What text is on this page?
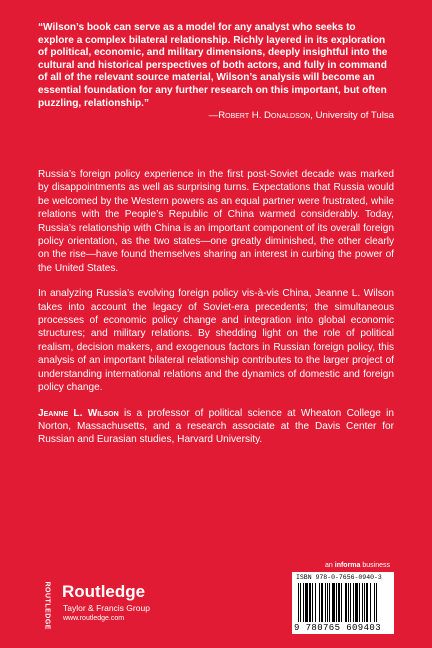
“Wilson’s book can serve as a model for any analyst who seeks to explore a complex bilateral relationship. Richly layered in its exploration of political, economic, and military dimensions, deeply insightful into the cultural and historical perspectives of both actors, and fully in command of all of the relevant source material, Wilson’s analysis will become an essential foundation for any further research on this important, but often puzzling, relationship.”

—Robert H. Donaldson, University of Tulsa

Russia’s foreign policy experience in the first post-Soviet decade was marked by disappointments as well as surprising turns. Expectations that Russia would be welcomed by the Western powers as an equal partner were frustrated, while relations with the People’s Republic of China warmed considerably. Today, Russia’s relationship with China is an important component of its overall foreign policy orientation, as the two states—one greatly diminished, the other clearly on the rise—have found themselves sharing an interest in curbing the power of the United States.

In analyzing Russia’s evolving foreign policy vis-à-vis China, Jeanne L. Wilson takes into account the legacy of Soviet-era precedents; the simultaneous processes of economic policy change and integration into global economic structures; and military relations. By shedding light on the role of political realism, decision makers, and exogenous factors in Russian foreign policy, this analysis of an important bilateral relationship contributes to the larger project of understanding international relations and the dynamics of domestic and foreign policy change.

Jeanne L. Wilson is a professor of political science at Wheaton College in Norton, Massachusetts, and a research associate at the Davis Center for Russian and Eurasian studies, Harvard University.

ROUTLEDGE Routledge
Taylor & Francis Group
www.routledge.com
an informa business
ISBN 978-0-7656-0940-3
9 780765 609403
